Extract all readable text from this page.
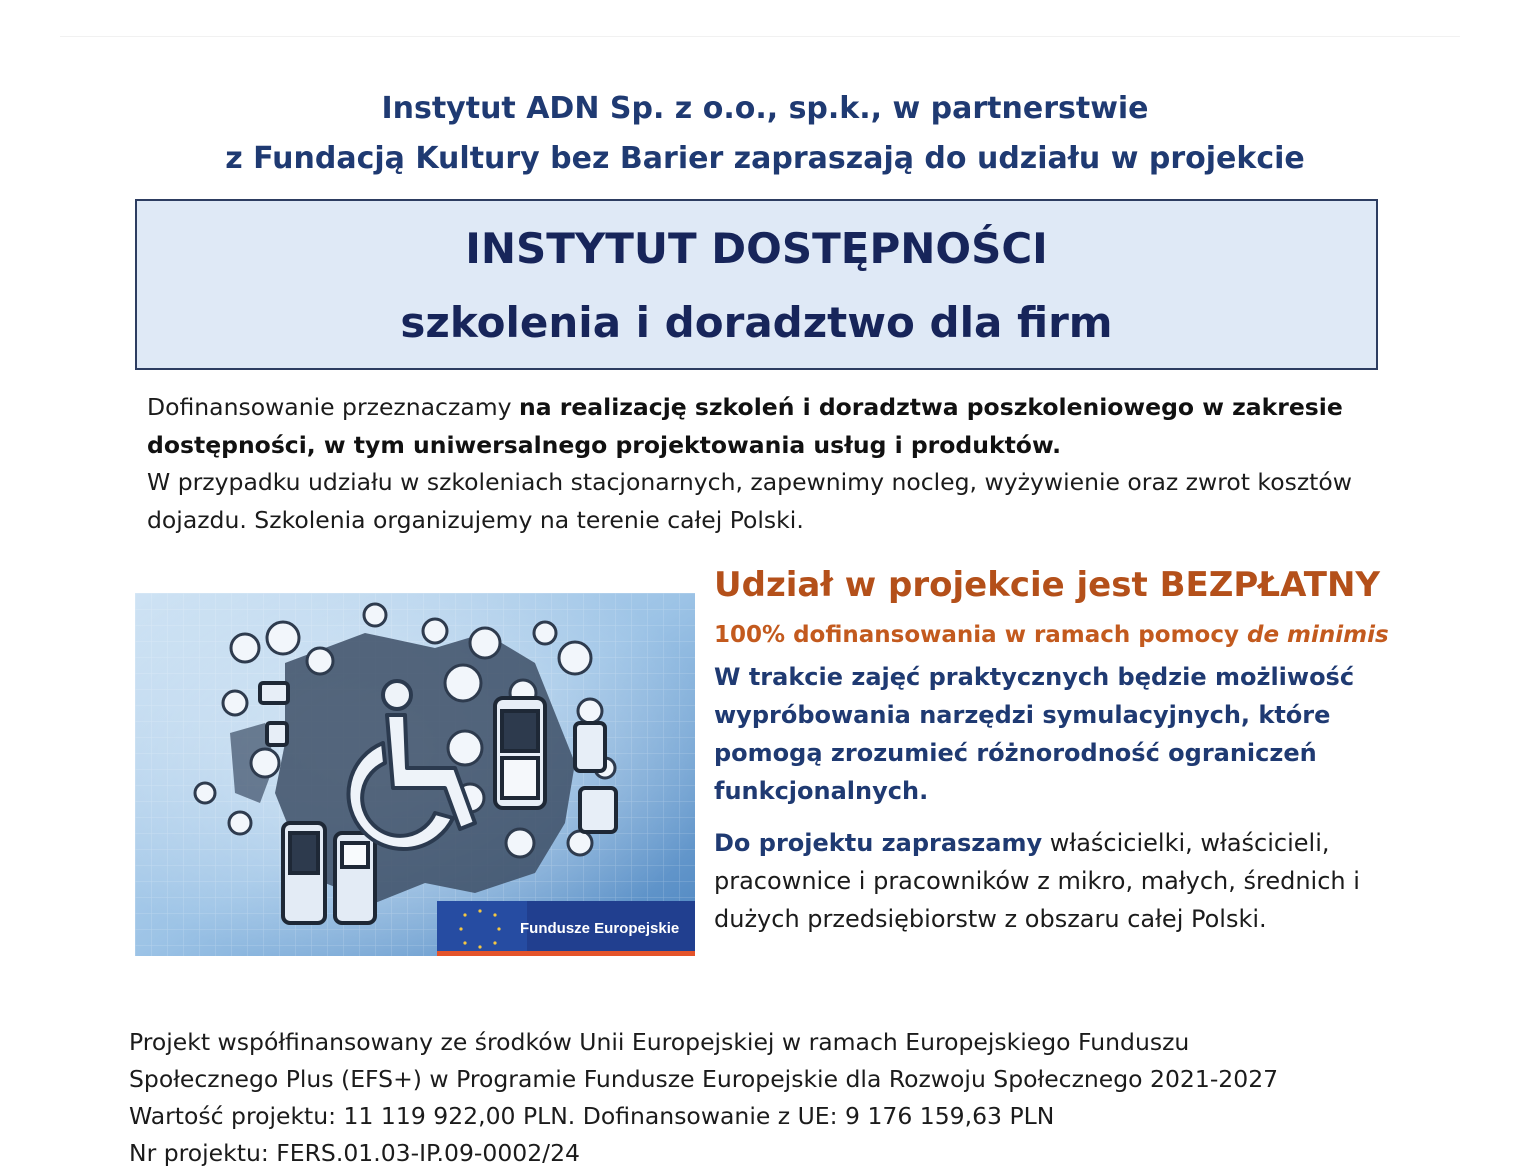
Instytut ADN Sp. z o.o., sp.k., w partnerstwie
z Fundacją Kultury bez Barier zapraszają do udziału w projekcie
INSTYTUT DOSTĘPNOŚCI
szkolenia i doradztwo dla firm
Dofinansowanie przeznaczamy na realizację szkoleń i doradztwa poszkoleniowego w zakresie dostępności, w tym uniwersalnego projektowania usług i produktów.
W przypadku udziału w szkoleniach stacjonarnych, zapewnimy nocleg, wyżywienie oraz zwrot kosztów dojazdu. Szkolenia organizujemy na terenie całej Polski.
Fundusze Europejskie
Udział w projekcie jest BEZPŁATNY
100% dofinansowania w ramach pomocy de minimis
W trakcie zajęć praktycznych będzie możliwość wypróbowania narzędzi symulacyjnych, które pomogą zrozumieć różnorodność ograniczeń funkcjonalnych.
Do projektu zapraszamy właścicielki, właścicieli, pracownice i pracowników z mikro, małych, średnich i dużych przedsiębiorstw z obszaru całej Polski.
Projekt współfinansowany ze środków Unii Europejskiej w ramach Europejskiego Funduszu
Społecznego Plus (EFS+) w Programie Fundusze Europejskie dla Rozwoju Społecznego 2021-2027
Wartość projektu: 11 119 922,00 PLN. Dofinansowanie z UE: 9 176 159,63 PLN
Nr projektu: FERS.01.03-IP.09-0002/24
